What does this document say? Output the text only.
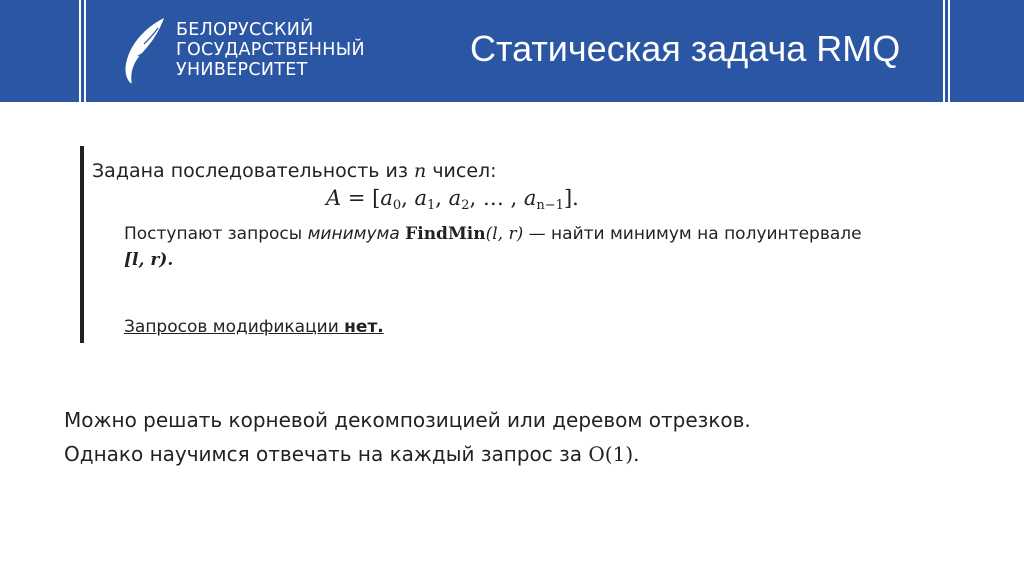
БЕЛОРУССКИЙ
ГОСУДАРСТВЕННЫЙ
УНИВЕРСИТЕТ
Статическая задача RMQ
Задана последовательность из n чисел:
$A = [a_0$, $a_1$, $a_2$, … , $a_{n-1}$].
Поступают запросы минимума FindMin(l, r) — найти минимум на полуинтервале
[l, r).
Запросов модификации нет.
Можно решать корневой декомпозицией или деревом отрезков.
Однако научимся отвечать на каждый запрос за O(1).
